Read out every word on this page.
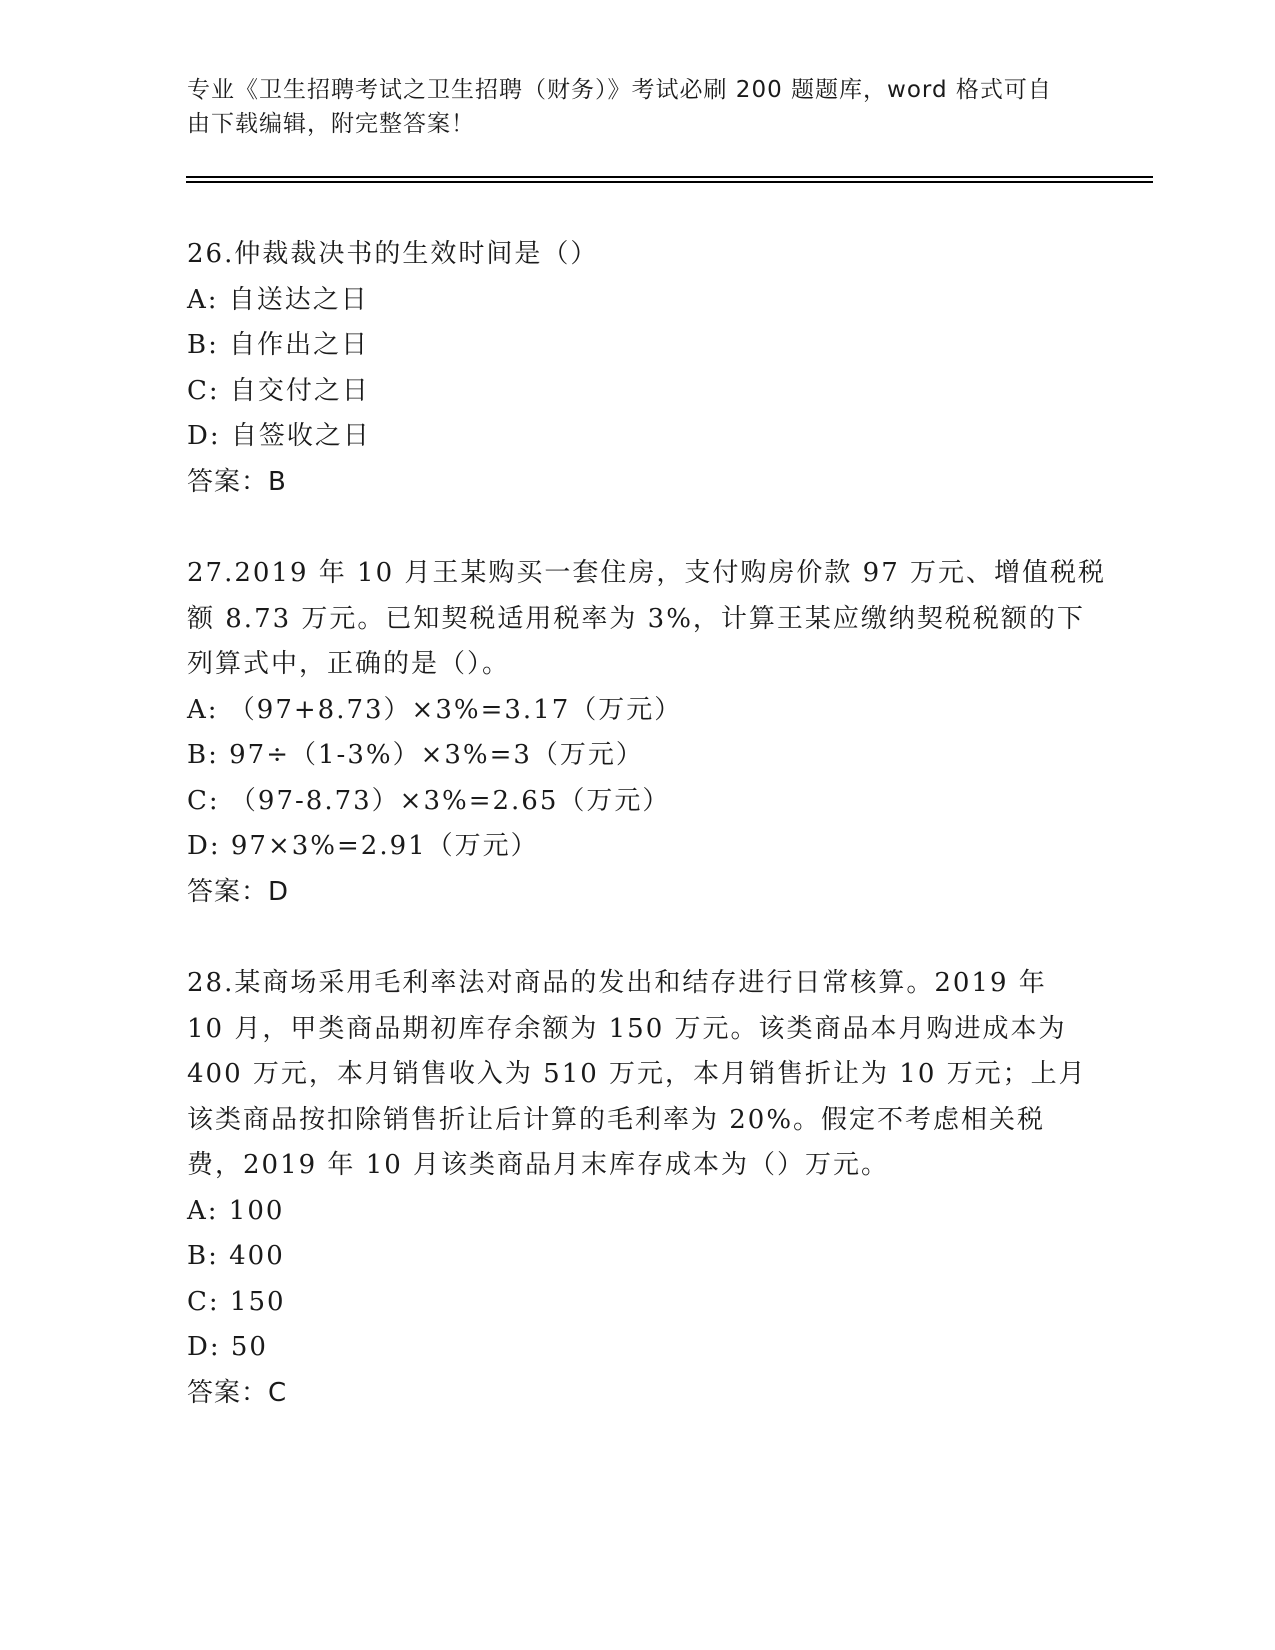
专业《卫生招聘考试之卫生招聘（财务）》考试必刷 200 题题库，word 格式可自
由下载编辑，附完整答案！
26.仲裁裁决书的生效时间是（）
A: 自送达之日
B: 自作出之日
C: 自交付之日
D: 自签收之日
答案：B
27.2019 年 10 月王某购买一套住房，支付购房价款 97 万元、增值税税
额 8.73 万元。已知契税适用税率为 3%，计算王某应缴纳契税税额的下
列算式中，正确的是（）。
A: （97+8.73）×3%=3.17（万元）
B: 97÷（1-3%）×3%=3（万元）
C: （97-8.73）×3%=2.65（万元）
D: 97×3%=2.91（万元）
答案：D
28.某商场采用毛利率法对商品的发出和结存进行日常核算。2019 年
10 月，甲类商品期初库存余额为 150 万元。该类商品本月购进成本为
400 万元，本月销售收入为 510 万元，本月销售折让为 10 万元；上月
该类商品按扣除销售折让后计算的毛利率为 20%。假定不考虑相关税
费，2019 年 10 月该类商品月末库存成本为（）万元。
A: 100
B: 400
C: 150
D: 50
答案：C
